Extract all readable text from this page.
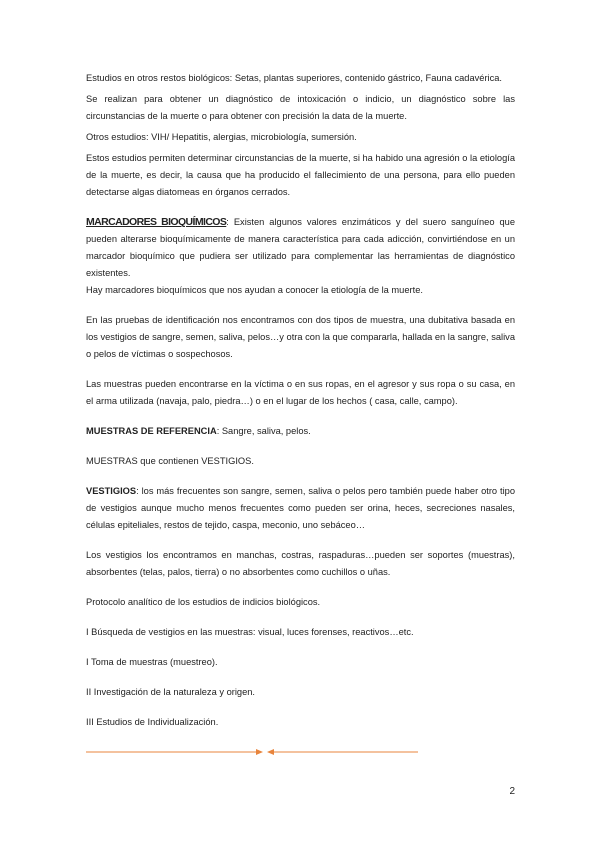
Estudios en otros restos biológicos: Setas, plantas superiores, contenido gástrico, Fauna cadavérica.

Se realizan para obtener un diagnóstico de intoxicación o indicio, un diagnóstico sobre las circunstancias de la muerte o para obtener con precisión la data de la muerte.

Otros estudios: VIH/ Hepatitis, alergias, microbiología, sumersión.

Estos estudios permiten determinar circunstancias de la muerte, si ha habido una agresión o la etiología de la muerte, es decir, la causa que ha producido el fallecimiento de una persona, para ello pueden detectarse algas diatomeas en órganos cerrados.

MARCADORES BIOQUÍMICOS: Existen algunos valores enzimáticos y del suero sanguíneo que pueden alterarse bioquímicamente de manera característica para cada adicción, convirtiéndose en un marcador bioquímico que pudiera ser utilizado para complementar las herramientas de diagnóstico existentes.

Hay marcadores bioquímicos que nos ayudan a conocer la etiología de la muerte.

En las pruebas de identificación nos encontramos con dos tipos de muestra, una dubitativa basada en los vestigios de sangre, semen, saliva, pelos…y otra con la que compararla, hallada en la sangre, saliva o pelos de víctimas o sospechosos.

Las muestras pueden encontrarse en la víctima o en sus ropas, en el agresor y sus ropa o su casa, en el arma utilizada (navaja, palo, piedra…) o en el lugar de los hechos ( casa, calle, campo).

MUESTRAS DE REFERENCIA: Sangre, saliva, pelos.

MUESTRAS que contienen VESTIGIOS.

VESTIGIOS: los más frecuentes son sangre, semen, saliva o pelos pero también puede haber otro tipo de vestigios aunque mucho menos frecuentes como pueden ser orina, heces, secreciones nasales, células epiteliales, restos de tejido, caspa, meconio, uno sebáceo…

Los vestigios los encontramos en manchas, costras, raspaduras…pueden ser soportes (muestras), absorbentes (telas, palos, tierra) o no absorbentes como cuchillos o uñas.

Protocolo analítico de los estudios de indicios biológicos.

I Búsqueda de vestigios en las muestras: visual, luces forenses, reactivos…etc.

I Toma de muestras (muestreo).

II Investigación de la naturaleza y origen.

III Estudios de Individualización.

2
